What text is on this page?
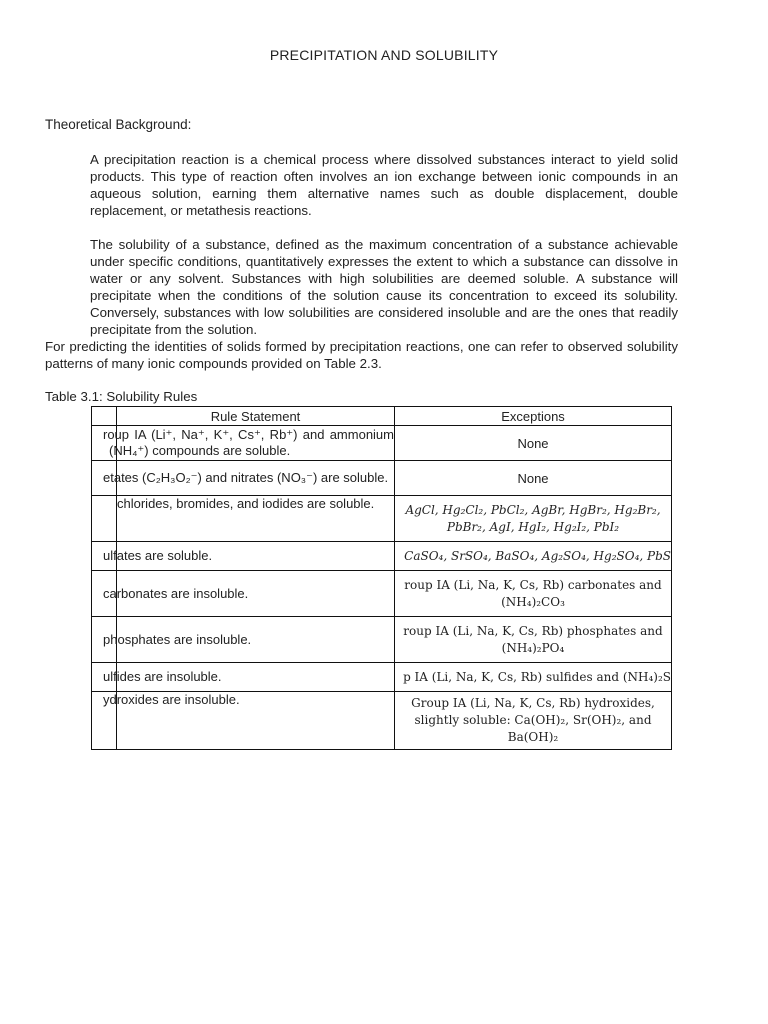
PRECIPITATION AND SOLUBILITY
Theoretical Background:

A precipitation reaction is a chemical process where dissolved substances interact to yield solid products. This type of reaction often involves an ion exchange between ionic compounds in an aqueous solution, earning them alternative names such as double displacement, double replacement, or metathesis reactions.

The solubility of a substance, defined as the maximum concentration of a substance achievable under specific conditions, quantitatively expresses the extent to which a substance can dissolve in water or any solvent. Substances with high solubilities are deemed soluble. A substance will precipitate when the conditions of the solution cause its concentration to exceed its solubility. Conversely, substances with low solubilities are considered insoluble and are the ones that readily precipitate from the solution.

For predicting the identities of solids formed by precipitation reactions, one can refer to observed solubility patterns of many ionic compounds provided on Table 2.3.

Table 3.1: Solubility Rules
	Rule Statement	Exceptions

	roup IA (Li⁺, Na⁺, K⁺, Cs⁺, Rb⁺) and ammonium (NH₄⁺) compounds are soluble.	None

	etates (C₂H₃O₂⁻) and nitrates (NO₃⁻) are soluble.	None
	chlorides, bromides, and iodides are soluble.	AgCl, Hg₂Cl₂, PbCl₂, AgBr, HgBr₂, Hg₂Br₂, PbBr₂, AgI, HgI₂, Hg₂I₂, PbI₂

	ulfates are soluble.	CaSO₄, SrSO₄, BaSO₄, Ag₂SO₄, Hg₂SO₄, PbS

	carbonates are insoluble.	roup IA (Li, Na, K, Cs, Rb) carbonates and (NH₄)₂CO₃

	phosphates are insoluble.	roup IA (Li, Na, K, Cs, Rb) phosphates and (NH₄)₂PO₄

	ulfides are insoluble.	p IA (Li, Na, K, Cs, Rb) sulfides and (NH₄)₂S

	ydroxides are insoluble.	Group IA (Li, Na, K, Cs, Rb) hydroxides, slightly soluble: Ca(OH)₂, Sr(OH)₂, and Ba(OH)₂
